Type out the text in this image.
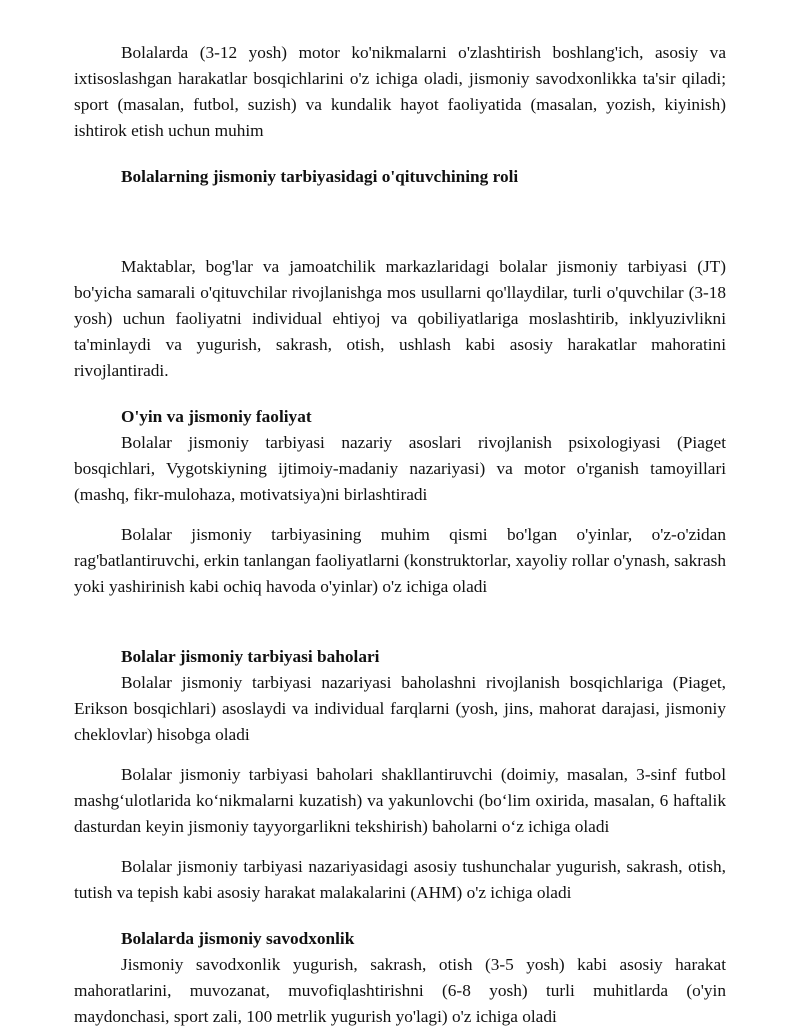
Bolalarda (3-12 yosh) motor ko'nikmalarni o'zlashtirish boshlang'ich, asosiy va ixtisoslashgan harakatlar bosqichlarini o'z ichiga oladi, jismoniy savodxonlikka ta'sir qiladi; sport (masalan, futbol, suzish) va kundalik hayot faoliyatida (masalan, yozish, kiyinish) ishtirok etish uchun muhim

Bolalarning jismoniy tarbiyasidagi o'qituvchining roli

Maktablar, bog'lar va jamoatchilik markazlaridagi bolalar jismoniy tarbiyasi (JT) bo'yicha samarali o'qituvchilar rivojlanishga mos usullarni qo'llaydilar, turli o'quvchilar (3-18 yosh) uchun faoliyatni individual ehtiyoj va qobiliyatlariga moslashtirib, inklyuzivlikni ta'minlaydi va yugurish, sakrash, otish, ushlash kabi asosiy harakatlar mahoratini rivojlantiradi.

O'yin va jismoniy faoliyat

Bolalar jismoniy tarbiyasi nazariy asoslari rivojlanish psixologiyasi (Piaget bosqichlari, Vygotskiyning ijtimoiy-madaniy nazariyasi) va motor o'rganish tamoyillari (mashq, fikr-mulohaza, motivatsiya)ni birlashtiradi

Bolalar jismoniy tarbiyasining muhim qismi bo'lgan o'yinlar, o'z-o'zidan rag'batlantiruvchi, erkin tanlangan faoliyatlarni (konstruktorlar, xayoliy rollar o'ynash, sakrash yoki yashirinish kabi ochiq havoda o'yinlar) o'z ichiga oladi

Bolalar jismoniy tarbiyasi baholari

Bolalar jismoniy tarbiyasi nazariyasi baholashni rivojlanish bosqichlariga (Piaget, Erikson bosqichlari) asoslaydi va individual farqlarni (yosh, jins, mahorat darajasi, jismoniy cheklovlar) hisobga oladi

Bolalar jismoniy tarbiyasi baholari shakllantiruvchi (doimiy, masalan, 3-sinf futbol mashg‘ulotlarida ko‘nikmalarni kuzatish) va yakunlovchi (bo‘lim oxirida, masalan, 6 haftalik dasturdan keyin jismoniy tayyorgarlikni tekshirish) baholarni o‘z ichiga oladi

Bolalar jismoniy tarbiyasi nazariyasidagi asosiy tushunchalar yugurish, sakrash, otish, tutish va tepish kabi asosiy harakat malakalarini (AHM) o'z ichiga oladi

Bolalarda jismoniy savodxonlik

Jismoniy savodxonlik yugurish, sakrash, otish (3-5 yosh) kabi asosiy harakat mahoratlarini, muvozanat, muvofiqlashtirishni (6-8 yosh) turli muhitlarda (o'yin maydonchasi, sport zali, 100 metrlik yugurish yo'lagi) o'z ichiga oladi
